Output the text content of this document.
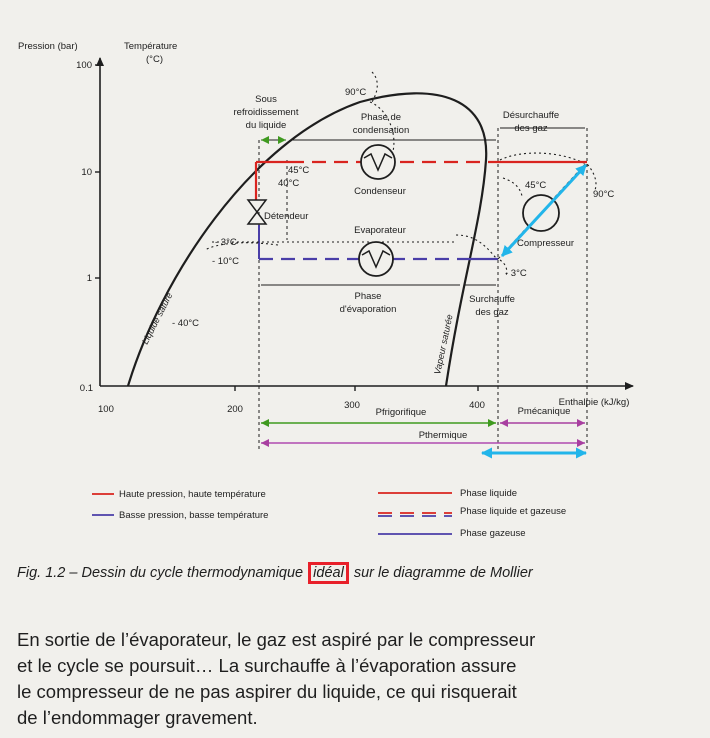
Pression (bar)	Température
(°C)
100
10
1
0.1
100	200	300	400	Enthalpie (kJ/kg)
90°C
Sous
refroidissement
du liquide
Phase de
condensation
Désurchauffe
des gaz
45°C
40°C
Condenseur
45°C
90°C
Détendeur
Evaporateur
Compresseur
- 3°C
- 10°C
- 3°C
Phase
d'évaporation
Surchauffe
des gaz
- 40°C
Liquide saturé	Vapeur saturée
Pfrigorifique	Pmécanique
Pthermique
Haute pression, haute température
Basse pression, basse température
Phase liquide
Phase liquide et gazeuse
Phase gazeuse
Fig. 1.2 – Dessin du cycle thermodynamique idéal sur le diagramme de Mollier
En sortie de l’évaporateur, le gaz est aspiré par le compresseur
et le cycle se poursuit… La surchauffe à l’évaporation assure
le compresseur de ne pas aspirer du liquide, ce qui risquerait
de l’endommager gravement.
